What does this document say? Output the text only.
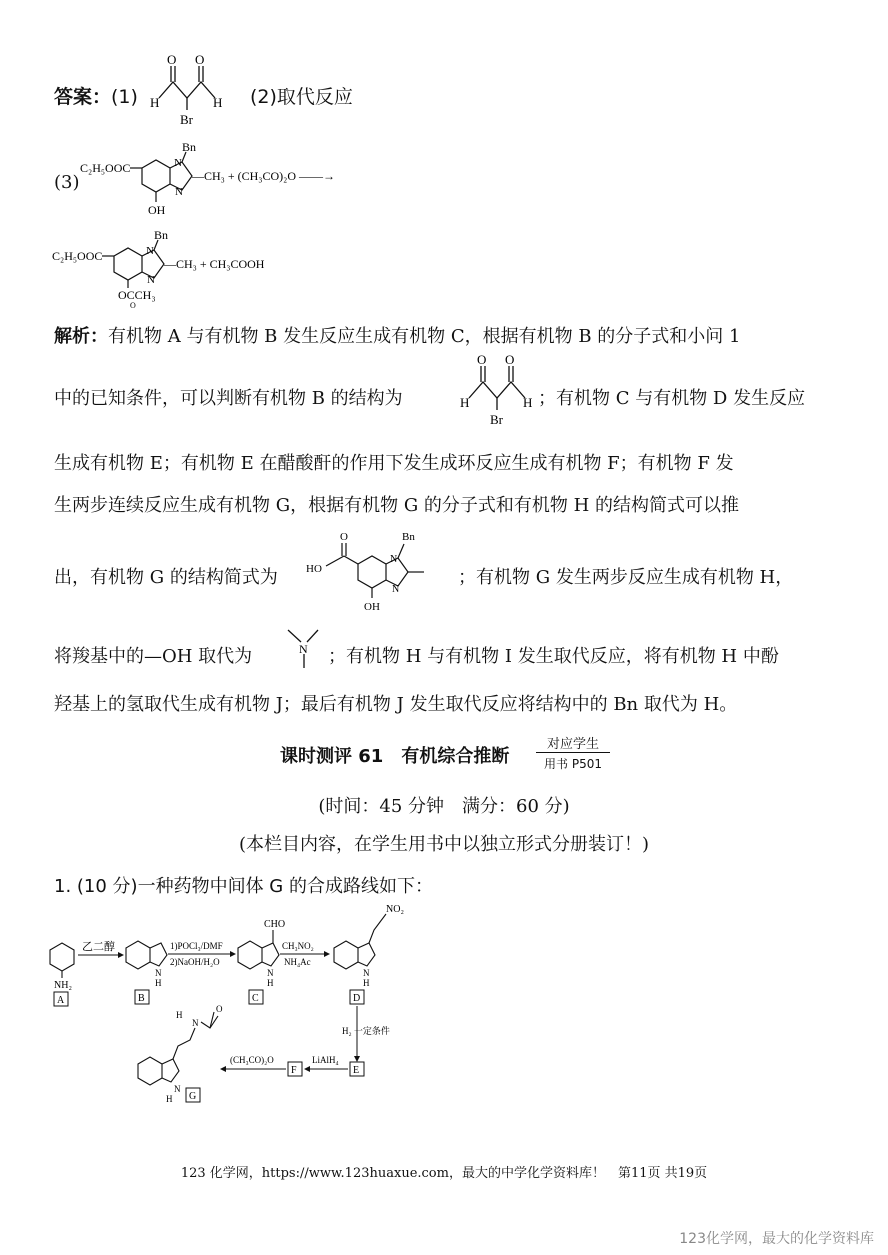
答案：(1)
O O
H	H
Br
(2)取代反应
(3)
C₂H₅OOC
Bn
N
N
OH
—CH₃ + (CH₃CO)₂O ——→
C₂H₅OOC
Bn
N
N
OCCH₃
O
—CH₃ + CH₃COOH
解析：有机物 A 与有机物 B 发生反应生成有机物 C，根据有机物 B 的分子式和小问 1
中的已知条件，可以判断有机物 B 的结构为
O O
H	H
Br
；有机物 C 与有机物 D 发生反应
生成有机物 E；有机物 E 在醋酸酐的作用下发生成环反应生成有机物 F；有机物 F 发
生两步连续反应生成有机物 G，根据有机物 G 的分子式和有机物 H 的结构简式可以推
出，有机物 G 的结构简式为	HO
O	Bn
N
N
OH
；有机物 G 发生两步反应生成有机物 H，
将羧基中的—OH 取代为	N ；有机物 H 与有机物 I 发生取代反应，将有机物 H 中酚
羟基上的氢取代生成有机物 J；最后有机物 J 发生取代反应将结构中的 Bn 取代为 H。
课时测评 61　有机综合推断
对应学生
用书 P501
(时间：45 分钟　满分：60 分)
(本栏目内容，在学生用书中以独立形式分册装订！)
1. (10 分)一种药物中间体 G 的合成路线如下：
NH₂
A
乙二醇
N
H
B
1)POCl₃/DMF
2)NaOH/H₂O
CHO
N
H
C
CH₃NO₂
NH₄Ac
NO₂
N
H
D
H₂ 一定条件
E
LiAlH₄
F
(CH₃CO)₂O
N
H
O
N
H G
123 化学网，https://www.123huaxue.com，最大的中学化学资料库！　第11页 共19页
123化学网，最大的化学资料库
